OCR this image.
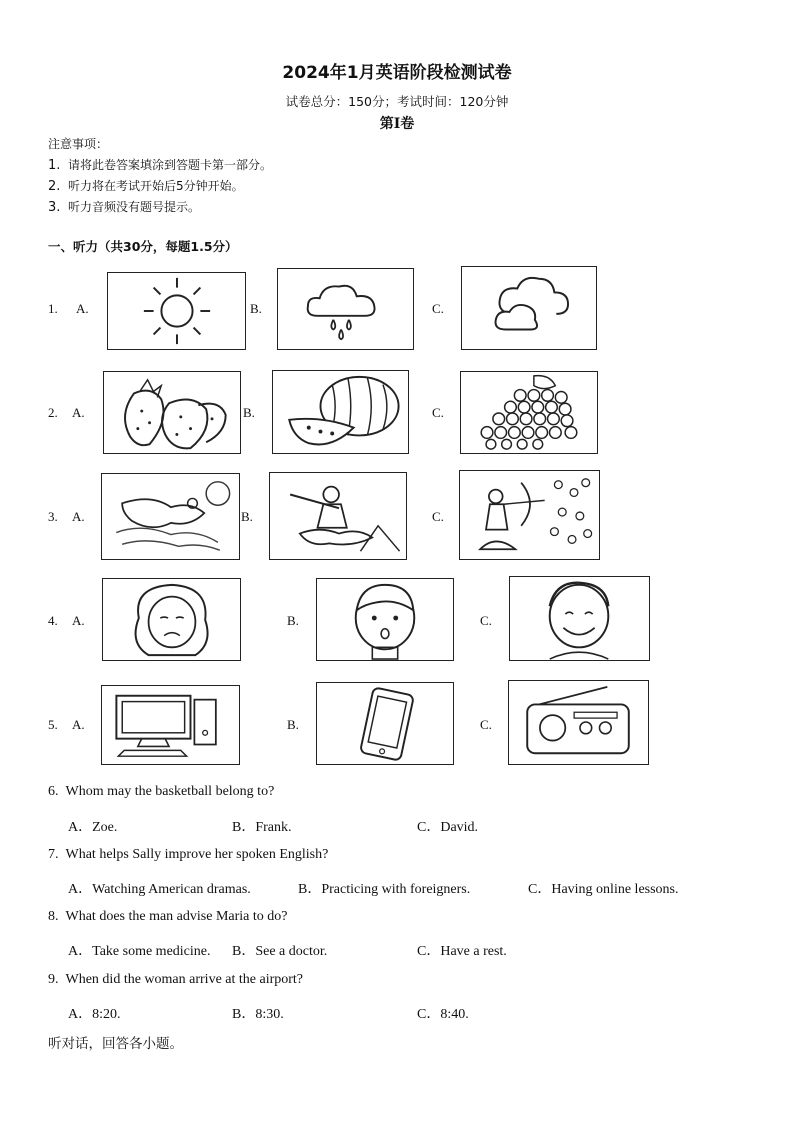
2024年1月英语阶段检测试卷
试卷总分：150分；考试时间：120分钟
第Ⅰ卷
注意事项：
1. 请将此卷答案填涂到答题卡第一部分。
2. 听力将在考试开始后5分钟开始。
3. 听力音频没有题号提示。
一、听力（共30分，每题1.5分）
1. A.	B.	C.
2. A.	B.	C.
3. A.	B.	C.
4. A.	B.	C.
5. A.	B.	C.
6. Whom may the basketball belong to?
A．Zoe.	B．Frank.	C．David.
7. What helps Sally improve her spoken English?
A．Watching American dramas.	B．Practicing with foreigners.	C．Having online lessons.
8. What does the man advise Maria to do?
A．Take some medicine. B．See a doctor.	C．Have a rest.
9. When did the woman arrive at the airport?
A．8:20.	B．8:30.	C．8:40.
听对话，回答各小题。
